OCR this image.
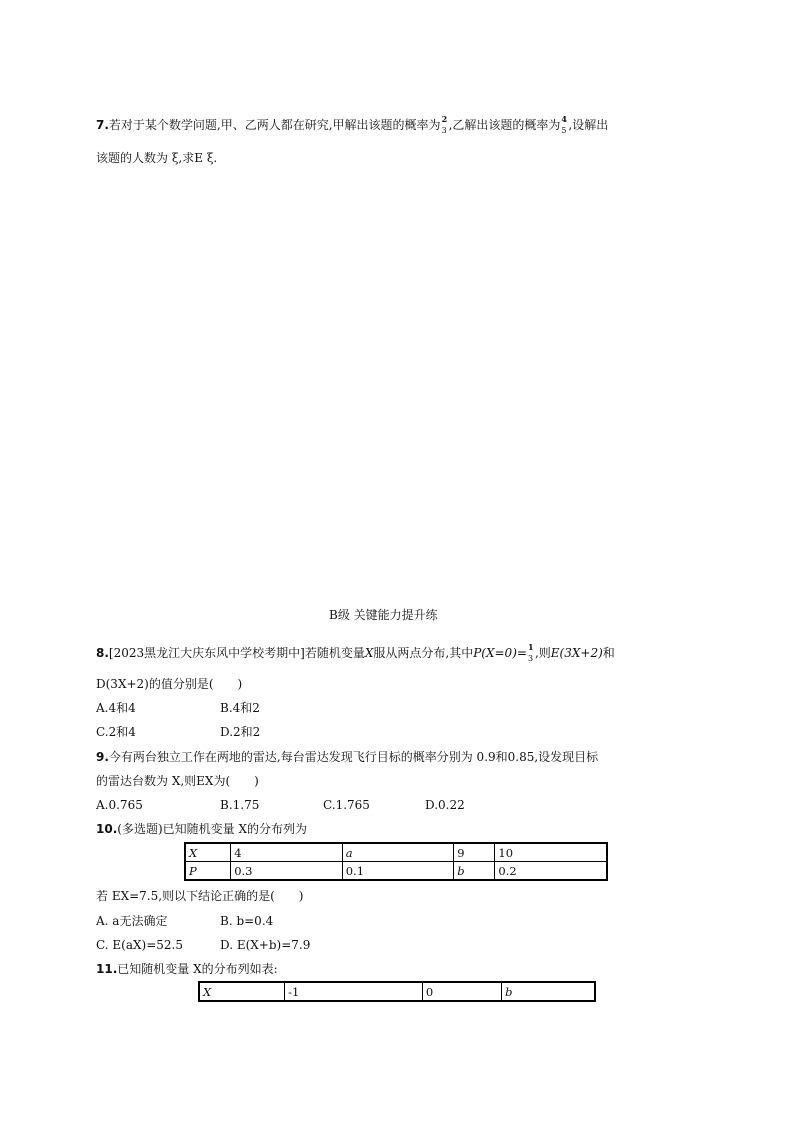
7.若对于某个数学问题,甲、乙两人都在研究,甲解出该题的概率为 2
3 ,乙解出该题的概率为 4
5 ,设解出
该题的人数为 ξ,求E ξ.
B级 关键能力提升练
8.[2023黑龙江大庆东风中学校考期中]若随机变量X服从两点分布,其中P(X=0)= 1
3 ,则E(3X+2)和
D(3X+2)的值分别是(　　)
A.4和4	B.4和2
C.2和4	D.2和2
9.今有两台独立工作在两地的雷达,每台雷达发现飞行目标的概率分别为 0.9和0.85,设发现目标
的雷达台数为 X,则EX为(　　)
A.0.765	B.1.75	C.1.765	D.0.22
10.(多选题)已知随机变量 X的分布列为
X	4	a	9	10
P	0.3	0.1	b	0.2
若 EX=7.5,则以下结论正确的是(　　)
A. a无法确定	B. b=0.4
C. E(aX)=52.5	D. E(X+b)=7.9
11.已知随机变量 X的分布列如表:
X	-1	0	b
